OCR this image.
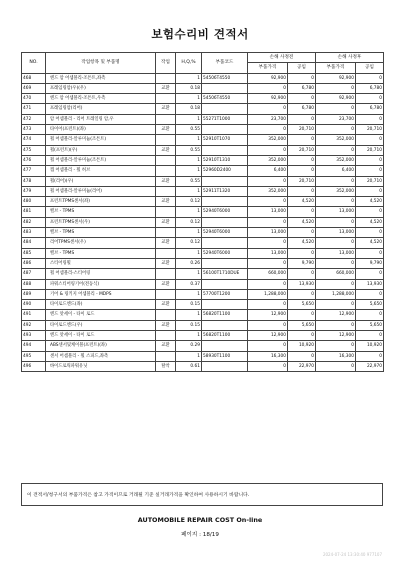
보험수리비 견적서
NO.	작업항목 및 부품명	작업	H,Q,%	부품코드	손해 사정전		손해 사정후	
					부품가격	공임	부품가격	공임
468	엔드 암 어셈블리-조튼트,좌측		1	54506T4550	92,900	0	92,900	0
469	프레임링암(우)(우)	교환	0.18		0	6,780	0	6,780
470	엔드 암 어셈블리-조튼트,우측		1	54506T4550	92,900	0	92,900	0
471	프레임링암(리어)	교환	0.18		0	6,780	0	6,780
472	암 어셈블리 - 리어 트레일링 암,우		1	55271T1000	23,700	0	23,700	0
473	타이어(프런트)(좌)	교환	0.55		0	20,710	0	20,710
474	휠 어셈블리-알루미늄(조튼트)		1	52910T1070	352,000	0	352,000	0
475	휠(프런트)(우)	교환	0.55		0	20,710	0	20,710
476	휠 어셈블리-알루미늄(조튼트)		1	52910T1310	352,000	0	352,000	0
477	캡 어셈블리 - 휠 허브		1	52960D2400	6,400	0	6,400	0
478	휠(리어)(우)	교환	0.55		0	20,710	0	20,710
479	휠 어셈블리-알루미늄(리어)		1	52911T1320	352,000	0	352,000	0
480	프런트TPMS센서(좌)	교환	0.12		0	4,520	0	4,520
481	밸브 - TPMS		1	52940T6000	13,000	0	13,000	0
482	프런트TPMS센서(우)	교환	0.12		0	4,520	0	4,520
483	밸브 - TPMS		1	52940T6000	13,000	0	13,000	0
484	리어TPMS센서(우)	교환	0.12		0	4,520	0	4,520
485	밸브 - TPMS		1	52940T6000	13,000	0	13,000	0
486	스티어링휠	교환	0.26		0	9,790	0	9,790
487	휠 어셈블리-스티어링		1	56100T1710DUE	660,000	0	660,000	0
488	파워스티어링기어(전동식)	교환	0.37		0	13,930	0	13,930
489	기어 & 링키지 어셈블리 - MDPS		1	57700T1200	1,288,000	0	1,288,000	0
490	타이로드엔드(좌)	교환	0.15		0	5,650	0	5,650
491	엔드 앗세이 - 타이 로드		1	56820T1100	12,900	0	12,900	0
492	타이로드엔드(우)	교환	0.15		0	5,650	0	5,650
493	엔드 앗세이 - 타이 로드		1	56820T1100	12,900	0	12,900	0
494	ABS센서및케이블(프런트)(좌)	교환	0.29		0	10,920	0	10,920
495	센서 어셈블리 - 휠 스피드,좌측		1	58930T1100	16,300	0	16,300	0
496	바이드로릭파워유닛	탈착	0.61		0	22,970	0	22,970
이 견적서/청구서의 부품가격은 참고 가격이므로 거래될 기준 실거래가격을 확인하여 사용하시기 바랍니다.
AUTOMOBILE REPAIR COST On-line
페이지 : 18/19
2024-07-24 13:30:40 977107
